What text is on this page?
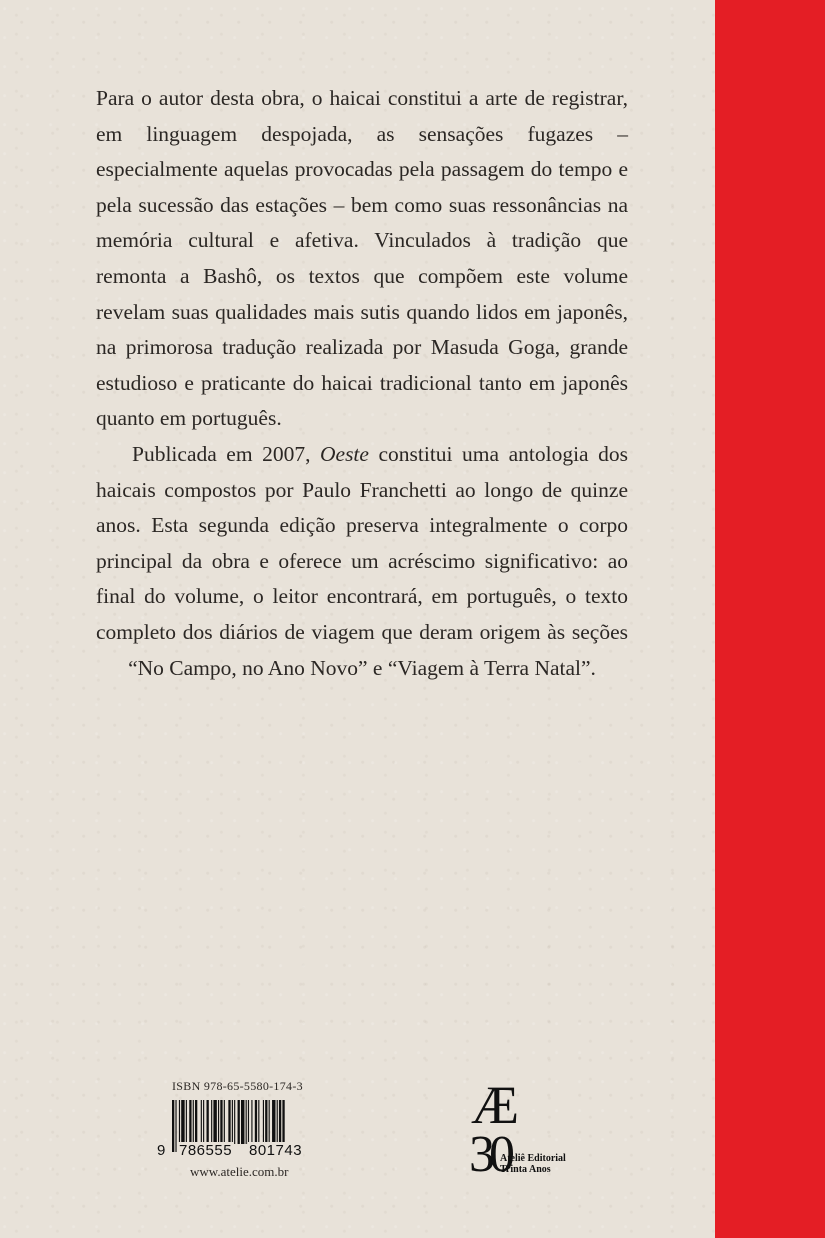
Para o autor desta obra, o haicai constitui a arte de registrar, em linguagem despojada, as sensações fugazes – especialmente aquelas provocadas pela passagem do tempo e pela sucessão das estações – bem como suas ressonâncias na memória cultural e afetiva. Vinculados à tradição que remonta a Bashô, os textos que compõem este volume revelam suas qualidades mais sutis quando lidos em japonês, na primorosa tradução realizada por Masuda Goga, grande estudioso e praticante do haicai tradicional tanto em japonês quanto em português.

Publicada em 2007, Oeste constitui uma antologia dos haicais compostos por Paulo Franchetti ao longo de quinze anos. Esta segunda edição preserva integralmente o corpo principal da obra e oferece um acréscimo significativo: ao final do volume, o leitor encontrará, em português, o texto completo dos diários de viagem que deram origem às seções “No Campo, no Ano Novo” e “Viagem à Terra Natal”.

ISBN 978-65-5580-174-3
9 786555 801743
www.atelie.com.br
Æ
30
Ateliê Editorial
Trinta Anos
